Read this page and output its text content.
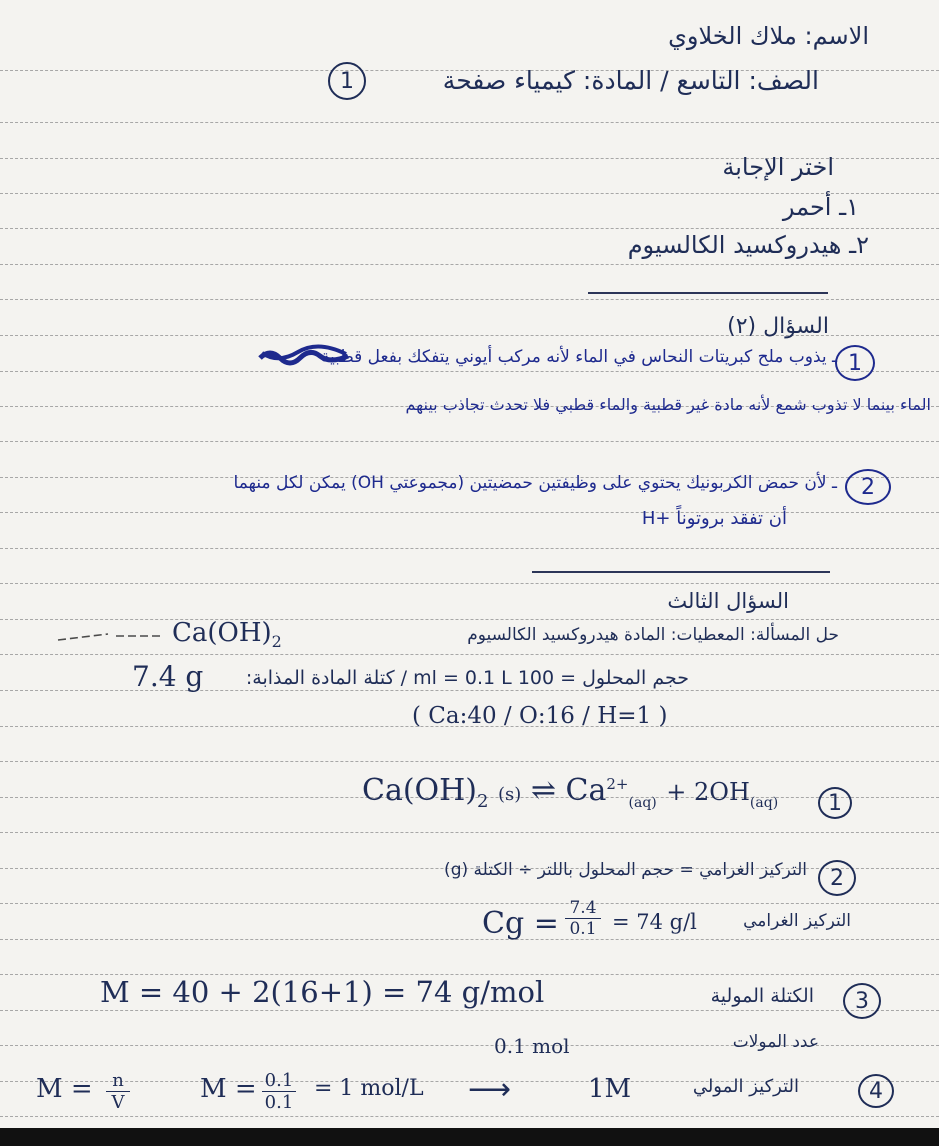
الاسم: ملاك الخلاوي
الصف: التاسع / المادة: كيمياء صفحة
1
اختر الإجابة
١ـ أحمر
٢ـ هيدروكسيد الكالسيوم
السؤال (٢)
1
ـ يذوب ملح كبريتات النحاس في الماء لأنه مركب أيوني يتفكك بفعل قطبية
الماء بينما لا تذوب شمع لأنه مادة غير قطبية والماء قطبي فلا تحدث تجاذب بينهم
2
ـ لأن حمض الكربونيك يحتوي على وظيفتين حمضيتين (مجموعتي OH) يمكن لكل منهما
أن تفقد بروتوناً +H
السؤال الثالث
حل المسألة: المعطيات: المادة هيدروكسيد الكالسيوم
$Ca(OH)_2$
حجم المحلول = 100 ml = 0.1 L / كتلة المادة المذابة:
7.4 g
( Ca:40 / O:16 / H=1 )
$Ca(OH)_2$ (s) ⇌ $Ca^{2+}_{(aq)} + 2OH_{(aq)}$ 1
2
التركيز الغرامي = حجم المحلول باللتر ÷ الكتلة (g)
$Cg = \frac{7.4}{0.1} = 74$ g/l	التركيز الغرامي
M = 40 + 2(16+1) = 74 g/mol	الكتلة المولية 3
0.1 mol	عدد المولات
$M = \frac{n}{V}$	$M = \frac{0.1}{0.1} = 1$ mol/L ⟶	1M	التركيز المولي	4
